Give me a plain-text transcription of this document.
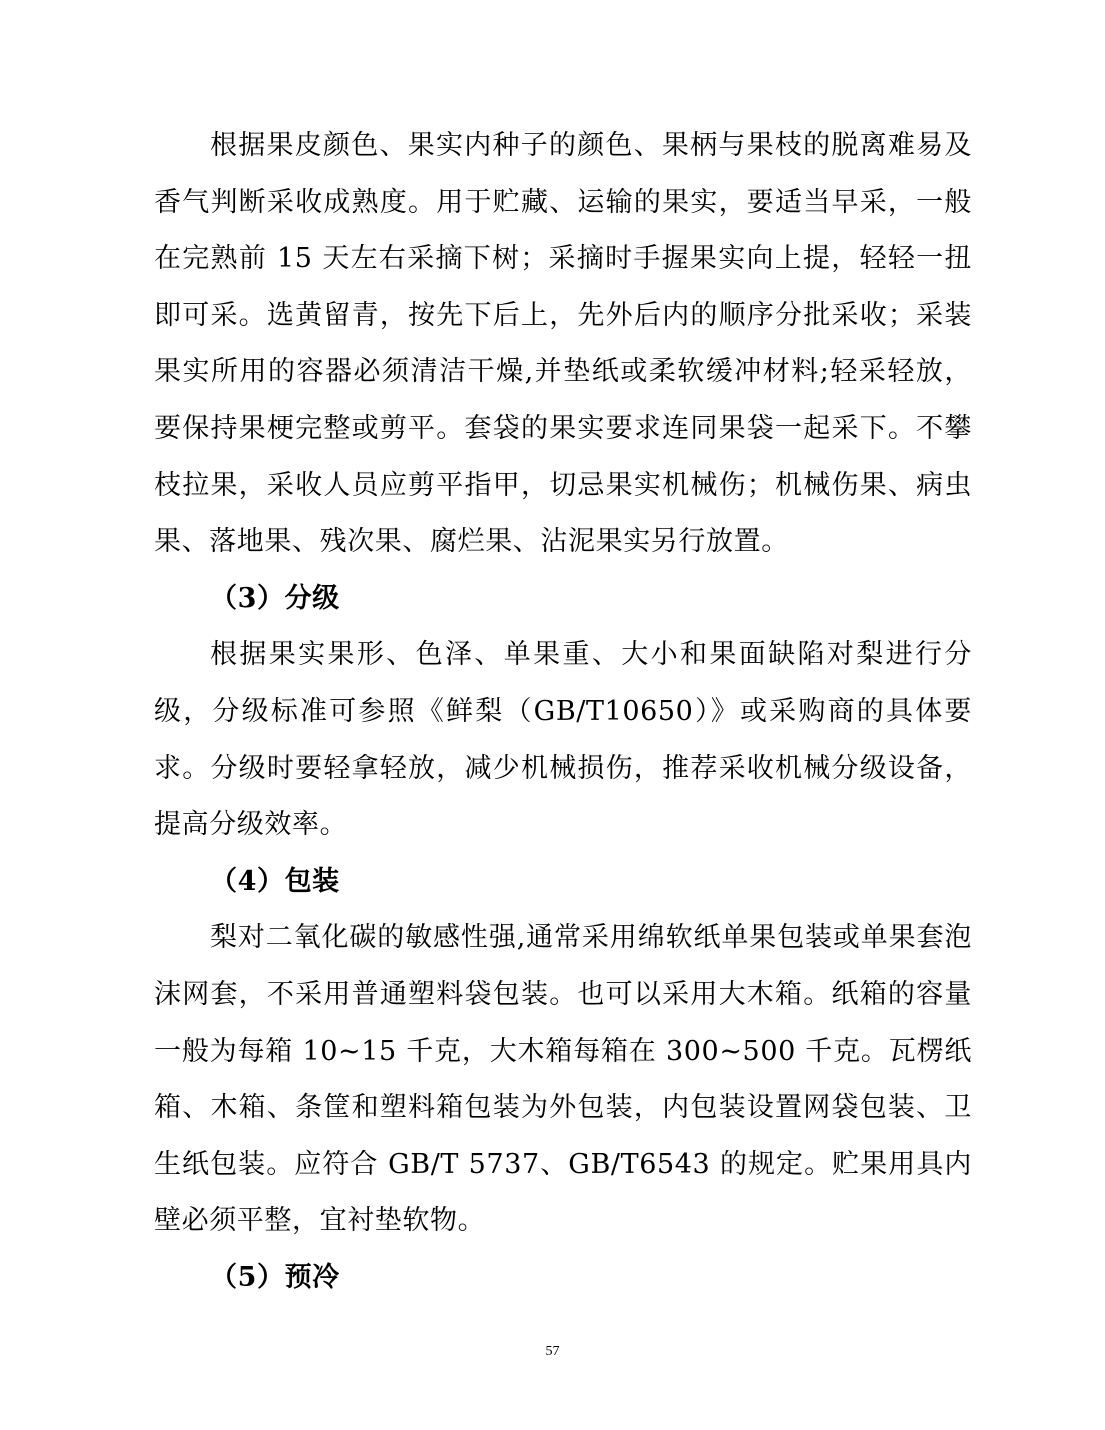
根据果皮颜色、果实内种子的颜色、果柄与果枝的脱离难易及香气判断采收成熟度。用于贮藏、运输的果实，要适当早采，一般在完熟前 15 天左右采摘下树；采摘时手握果实向上提，轻轻一扭即可采。选黄留青，按先下后上，先外后内的顺序分批采收；采装果实所用的容器必须清洁干燥,并垫纸或柔软缓冲材料;轻采轻放，要保持果梗完整或剪平。套袋的果实要求连同果袋一起采下。不攀枝拉果，采收人员应剪平指甲，切忌果实机械伤；机械伤果、病虫果、落地果、残次果、腐烂果、沾泥果实另行放置。

（3）分级

根据果实果形、色泽、单果重、大小和果面缺陷对梨进行分级，分级标准可参照《鲜梨（GB/T10650）》或采购商的具体要求。分级时要轻拿轻放，减少机械损伤，推荐采收机械分级设备，提高分级效率。

（4）包装

梨对二氧化碳的敏感性强,通常采用绵软纸单果包装或单果套泡沫网套，不采用普通塑料袋包装。也可以采用大木箱。纸箱的容量一般为每箱 10~15 千克，大木箱每箱在 300~500 千克。瓦楞纸箱、木箱、条筐和塑料箱包装为外包装，内包装设置网袋包装、卫生纸包装。应符合 GB/T 5737、GB/T6543 的规定。贮果用具内壁必须平整，宜衬垫软物。

（5）预冷

57
